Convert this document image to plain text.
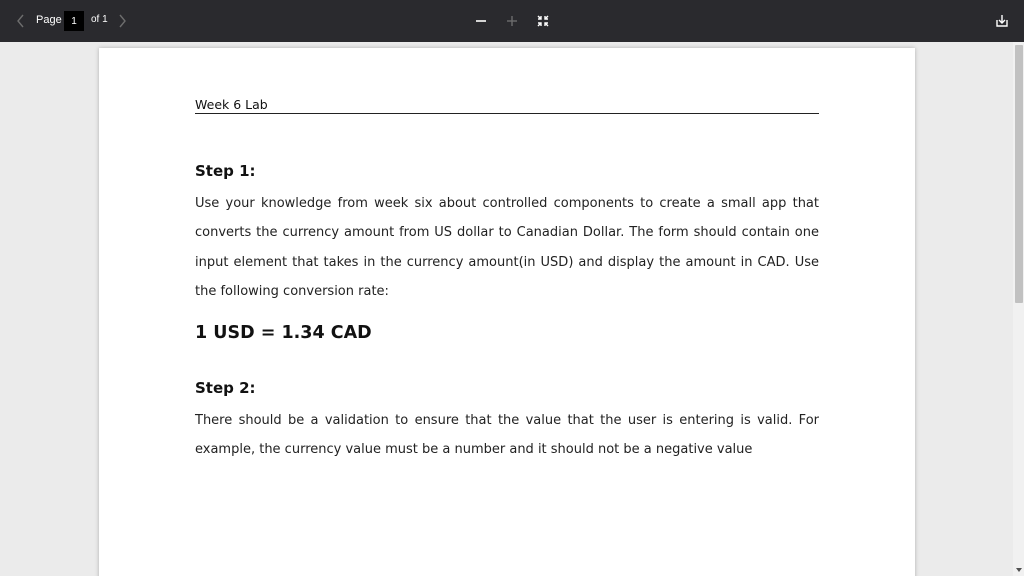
Page
1	of 1
Week 6 Lab
Step 1:
Use your knowledge from week six about controlled components to create a small app that converts the currency amount from US dollar to Canadian Dollar. The form should contain one input element that takes in the currency amount(in USD) and display the amount in CAD. Use the following conversion rate:
1 USD = 1.34 CAD
Step 2:
There should be a validation to ensure that the value that the user is entering is valid. For example, the currency value must be a number and it should not be a negative value
